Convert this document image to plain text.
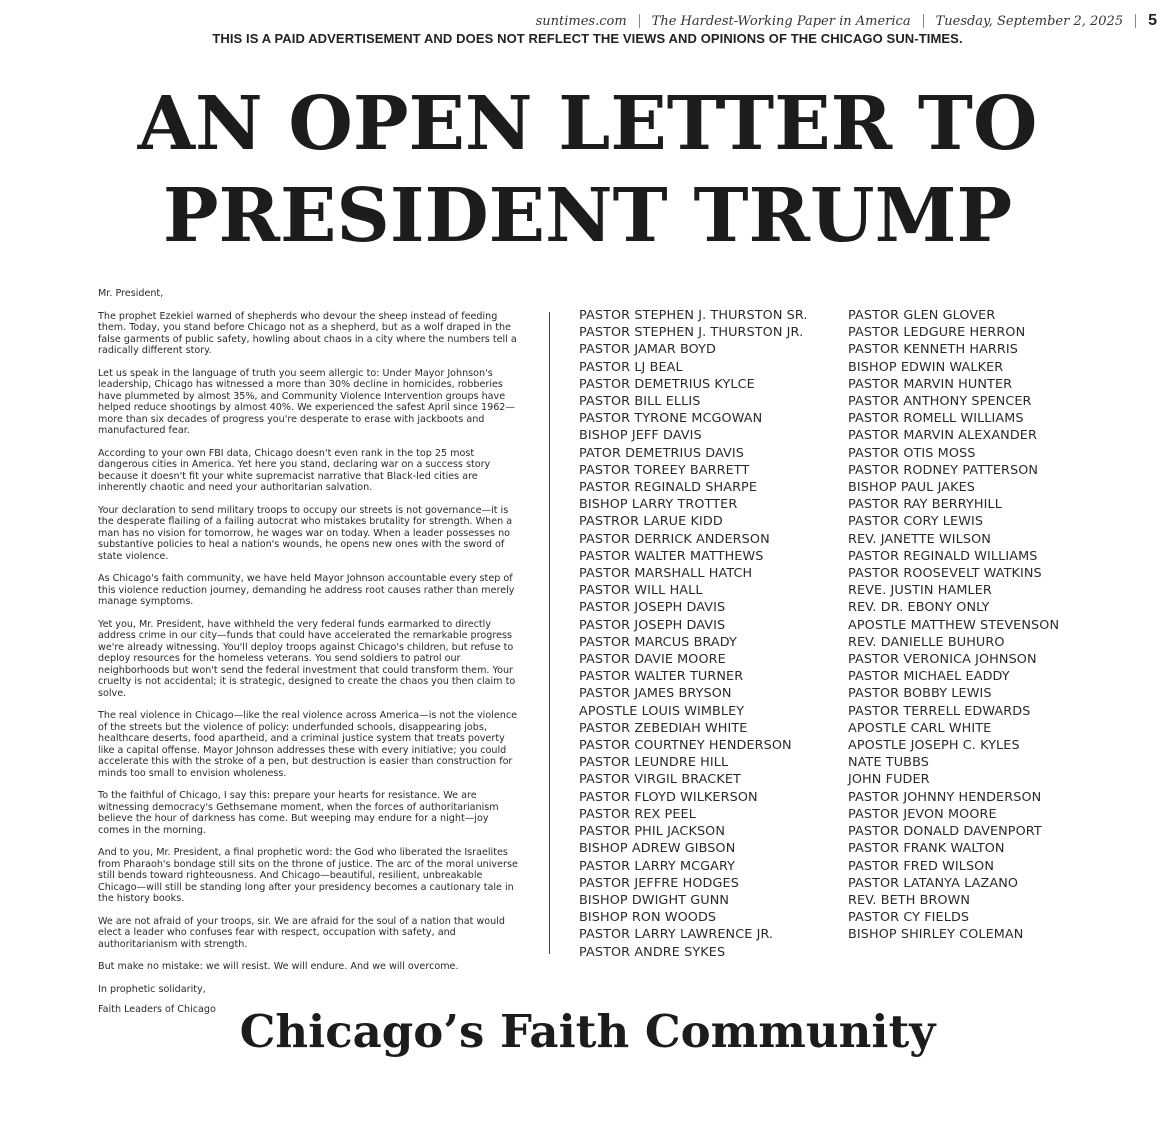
suntimes.com The Hardest-Working Paper in America Tuesday, September 2, 2025 5
THIS IS A PAID ADVERTISEMENT AND DOES NOT REFLECT THE VIEWS AND OPINIONS OF THE CHICAGO SUN-TIMES.
AN OPEN LETTER TO
PRESIDENT TRUMP

Mr. President,

The prophet Ezekiel warned of shepherds who devour the sheep instead of feeding them. Today, you stand before Chicago not as a shepherd, but as a wolf draped in the false garments of public safety, howling about chaos in a city where the numbers tell a radically different story.

Let us speak in the language of truth you seem allergic to: Under Mayor Johnson's leadership, Chicago has witnessed a more than 30% decline in homicides, robberies have plummeted by almost 35%, and Community Violence Intervention groups have helped reduce shootings by almost 40%. We experienced the safest April since 1962—more than six decades of progress you're desperate to erase with jackboots and manufactured fear.

According to your own FBI data, Chicago doesn't even rank in the top 25 most dangerous cities in America. Yet here you stand, declaring war on a success story because it doesn't fit your white supremacist narrative that Black-led cities are inherently chaotic and need your authoritarian salvation.

Your declaration to send military troops to occupy our streets is not governance—it is the desperate flailing of a failing autocrat who mistakes brutality for strength. When a man has no vision for tomorrow, he wages war on today. When a leader possesses no substantive policies to heal a nation's wounds, he opens new ones with the sword of state violence.

As Chicago's faith community, we have held Mayor Johnson accountable every step of this violence reduction journey, demanding he address root causes rather than merely manage symptoms.

Yet you, Mr. President, have withheld the very federal funds earmarked to directly address crime in our city—funds that could have accelerated the remarkable progress we're already witnessing. You'll deploy troops against Chicago's children, but refuse to deploy resources for the homeless veterans. You send soldiers to patrol our neighborhoods but won't send the federal investment that could transform them. Your cruelty is not accidental; it is strategic, designed to create the chaos you then claim to solve.

The real violence in Chicago—like the real violence across America—is not the violence of the streets but the violence of policy: underfunded schools, disappearing jobs, healthcare deserts, food apartheid, and a criminal justice system that treats poverty like a capital offense. Mayor Johnson addresses these with every initiative; you could accelerate this with the stroke of a pen, but destruction is easier than construction for minds too small to envision wholeness.

To the faithful of Chicago, I say this: prepare your hearts for resistance. We are witnessing democracy's Gethsemane moment, when the forces of authoritarianism believe the hour of darkness has come. But weeping may endure for a night—joy comes in the morning.

And to you, Mr. President, a final prophetic word: the God who liberated the Israelites from Pharaoh's bondage still sits on the throne of justice. The arc of the moral universe still bends toward righteousness. And Chicago—beautiful, resilient, unbreakable Chicago—will still be standing long after your presidency becomes a cautionary tale in the history books.

We are not afraid of your troops, sir. We are afraid for the soul of a nation that would elect a leader who confuses fear with respect, occupation with safety, and authoritarianism with strength.

But make no mistake: we will resist. We will endure. And we will overcome.

In prophetic solidarity,

Faith Leaders of Chicago

PASTOR STEPHEN J. THURSTON SR.
PASTOR STEPHEN J. THURSTON JR.
PASTOR JAMAR BOYD
PASTOR LJ BEAL
PASTOR DEMETRIUS KYLCE
PASTOR BILL ELLIS
PASTOR TYRONE MCGOWAN
BISHOP JEFF DAVIS
PATOR DEMETRIUS DAVIS
PASTOR TOREEY BARRETT
PASTOR REGINALD SHARPE
BISHOP LARRY TROTTER
PASTROR LARUE KIDD
PASTOR DERRICK ANDERSON
PASTOR WALTER MATTHEWS
PASTOR MARSHALL HATCH
PASTOR WILL HALL
PASTOR JOSEPH DAVIS
PASTOR JOSEPH DAVIS
PASTOR MARCUS BRADY
PASTOR DAVIE MOORE
PASTOR WALTER TURNER
PASTOR JAMES BRYSON
APOSTLE LOUIS WIMBLEY
PASTOR ZEBEDIAH WHITE
PASTOR COURTNEY HENDERSON
PASTOR LEUNDRE HILL
PASTOR VIRGIL BRACKET
PASTOR FLOYD WILKERSON
PASTOR REX PEEL
PASTOR PHIL JACKSON
BISHOP ADREW GIBSON
PASTOR LARRY MCGARY
PASTOR JEFFRE HODGES
BISHOP DWIGHT GUNN
BISHOP RON WOODS
PASTOR LARRY LAWRENCE JR.
PASTOR ANDRE SYKES
PASTOR GLEN GLOVER
PASTOR LEDGURE HERRON
PASTOR KENNETH HARRIS
BISHOP EDWIN WALKER
PASTOR MARVIN HUNTER
PASTOR ANTHONY SPENCER
PASTOR ROMELL WILLIAMS
PASTOR MARVIN ALEXANDER
PASTOR OTIS MOSS
PASTOR RODNEY PATTERSON
BISHOP PAUL JAKES
PASTOR RAY BERRYHILL
PASTOR CORY LEWIS
REV. JANETTE WILSON
PASTOR REGINALD WILLIAMS
PASTOR ROOSEVELT WATKINS
REVE. JUSTIN HAMLER
REV. DR. EBONY ONLY
APOSTLE MATTHEW STEVENSON
REV. DANIELLE BUHURO
PASTOR VERONICA JOHNSON
PASTOR MICHAEL EADDY
PASTOR BOBBY LEWIS
PASTOR TERRELL EDWARDS
APOSTLE CARL WHITE
APOSTLE JOSEPH C. KYLES
NATE TUBBS
JOHN FUDER
PASTOR JOHNNY HENDERSON
PASTOR JEVON MOORE
PASTOR DONALD DAVENPORT
PASTOR FRANK WALTON
PASTOR FRED WILSON
PASTOR LATANYA LAZANO
REV. BETH BROWN
PASTOR CY FIELDS
BISHOP SHIRLEY COLEMAN
Chicago’s Faith Community
